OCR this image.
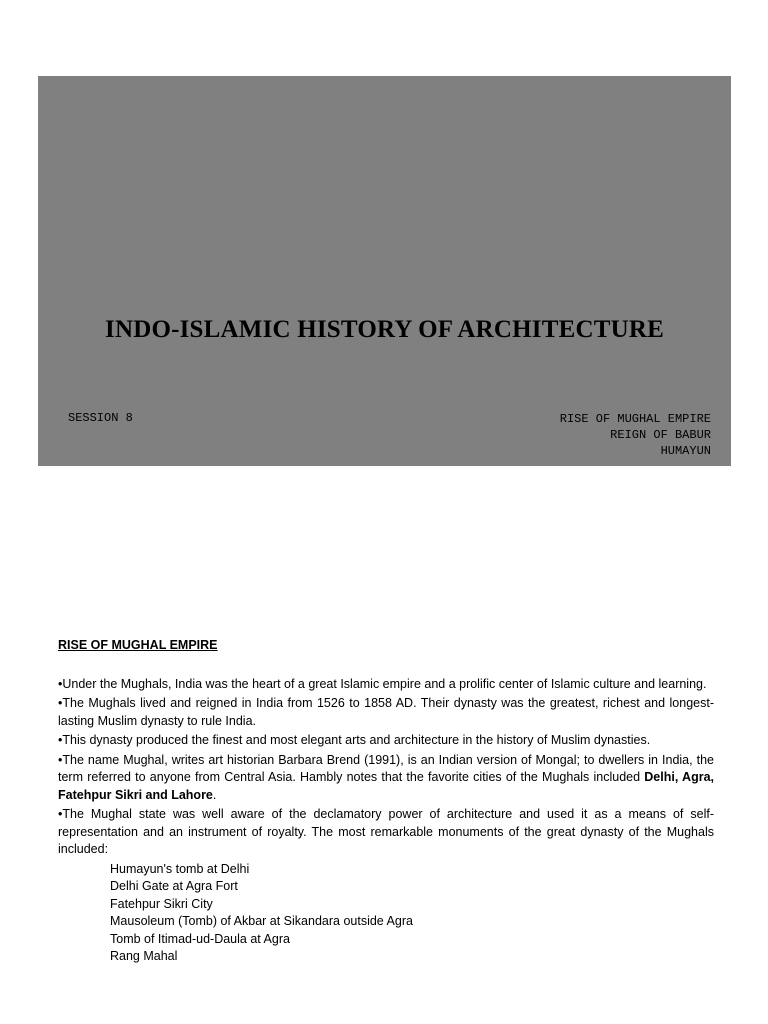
INDO-ISLAMIC HISTORY OF ARCHITECTURE
SESSION 8	RISE OF MUGHAL EMPIRE
REIGN OF BABUR
HUMAYUN
RISE OF MUGHAL EMPIRE
•Under the Mughals, India was the heart of a great Islamic empire and a prolific center of Islamic culture and learning.
•The Mughals lived and reigned in India from 1526 to 1858 AD. Their dynasty was the greatest, richest and longest-lasting Muslim dynasty to rule India.
•This dynasty produced the finest and most elegant arts and architecture in the history of Muslim dynasties.
•The name Mughal, writes art historian Barbara Brend (1991), is an Indian version of Mongal; to dwellers in India, the term referred to anyone from Central Asia. Hambly notes that the favorite cities of the Mughals included Delhi, Agra, Fatehpur Sikri and Lahore.
•The Mughal state was well aware of the declamatory power of architecture and used it as a means of self-representation and an instrument of royalty. The most remarkable monuments of the great dynasty of the Mughals included:
Humayun's tomb at Delhi
Delhi Gate at Agra Fort
Fatehpur Sikri City
Mausoleum (Tomb) of Akbar at Sikandara outside Agra
Tomb of Itimad-ud-Daula at Agra
Rang Mahal
